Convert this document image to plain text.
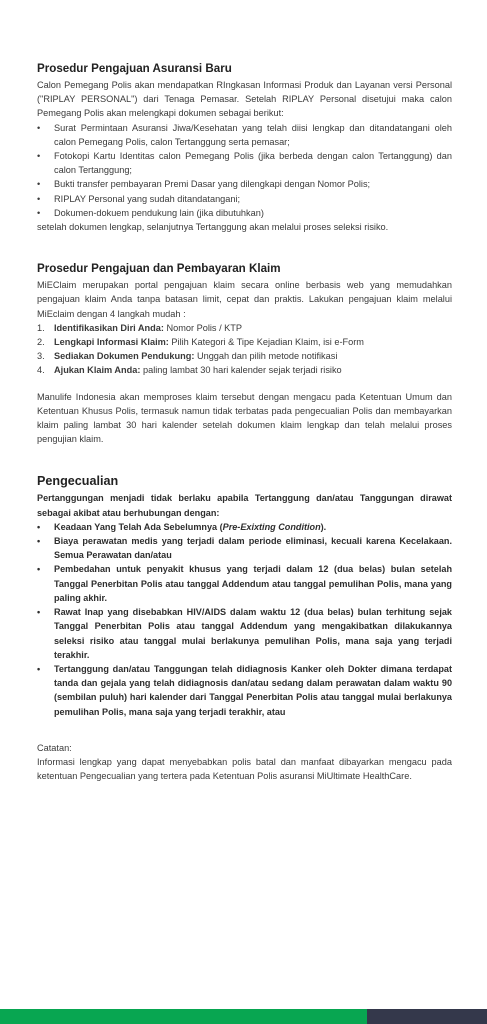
Prosedur Pengajuan Asuransi Baru

Calon Pemegang Polis akan mendapatkan RIngkasan Informasi Produk dan Layanan versi Personal ("RIPLAY PERSONAL") dari Tenaga Pemasar. Setelah RIPLAY Personal disetujui maka calon Pemegang Polis akan melengkapi dokumen sebagai berikut:

•	Surat Permintaan Asuransi Jiwa/Kesehatan yang telah diisi lengkap dan ditandatangani oleh calon Pemegang Polis, calon Tertanggung serta pemasar;
•	Fotokopi Kartu Identitas calon Pemegang Polis (jika berbeda dengan calon Tertanggung) dan calon Tertanggung;
•	Bukti transfer pembayaran Premi Dasar yang dilengkapi dengan Nomor Polis;
•	RIPLAY Personal yang sudah ditandatangani;
•	Dokumen-dokuem pendukung lain (jika dibutuhkan)

setelah dokumen lengkap, selanjutnya Tertanggung akan melalui proses seleksi risiko.

Prosedur Pengajuan dan Pembayaran Klaim

MiEClaim merupakan portal pengajuan klaim secara online berbasis web yang memudahkan pengajuan klaim Anda tanpa batasan limit, cepat dan praktis. Lakukan pengajuan klaim melalui MiEclaim dengan 4 langkah mudah :

1.	Identifikasikan Diri Anda: Nomor Polis / KTP
2.	Lengkapi Informasi Klaim: Pilih Kategori & Tipe Kejadian Klaim, isi e-Form
3.	Sediakan Dokumen Pendukung: Unggah dan pilih metode notifikasi
4.	Ajukan Klaim Anda: paling lambat 30 hari kalender sejak terjadi risiko

Manulife Indonesia akan memproses klaim tersebut dengan mengacu pada Ketentuan Umum dan Ketentuan Khusus Polis, termasuk namun tidak terbatas pada pengecualian Polis dan membayarkan klaim paling lambat 30 hari kalender setelah dokumen klaim lengkap dan telah melalui proses pengujian klaim.

Pengecualian

Pertanggungan menjadi tidak berlaku apabila Tertanggung dan/atau Tanggungan dirawat sebagai akibat atau berhubungan dengan:

•	Keadaan Yang Telah Ada Sebelumnya (Pre-Exixting Condition).
•	Biaya perawatan medis yang terjadi dalam periode eliminasi, kecuali karena Kecelakaan. Semua Perawatan dan/atau
•	Pembedahan untuk penyakit khusus yang terjadi dalam 12 (dua belas) bulan setelah Tanggal Penerbitan Polis atau tanggal Addendum atau tanggal pemulihan Polis, mana yang paling akhir.
•	Rawat Inap yang disebabkan HIV/AIDS dalam waktu 12 (dua belas) bulan terhitung sejak Tanggal Penerbitan Polis atau tanggal Addendum yang mengakibatkan dilakukannya seleksi risiko atau tanggal mulai berlakunya pemulihan Polis, mana saja yang terjadi terakhir.
•	Tertanggung dan/atau Tanggungan telah didiagnosis Kanker oleh Dokter dimana terdapat tanda dan gejala yang telah didiagnosis dan/atau sedang dalam perawatan dalam waktu 90 (sembilan puluh) hari kalender dari Tanggal Penerbitan Polis atau tanggal mulai berlakunya pemulihan Polis, mana saja yang terjadi terakhir, atau

Catatan:

Informasi lengkap yang dapat menyebabkan polis batal dan manfaat dibayarkan mengacu pada ketentuan Pengecualian yang tertera pada Ketentuan Polis asuransi MiUltimate HealthCare.
